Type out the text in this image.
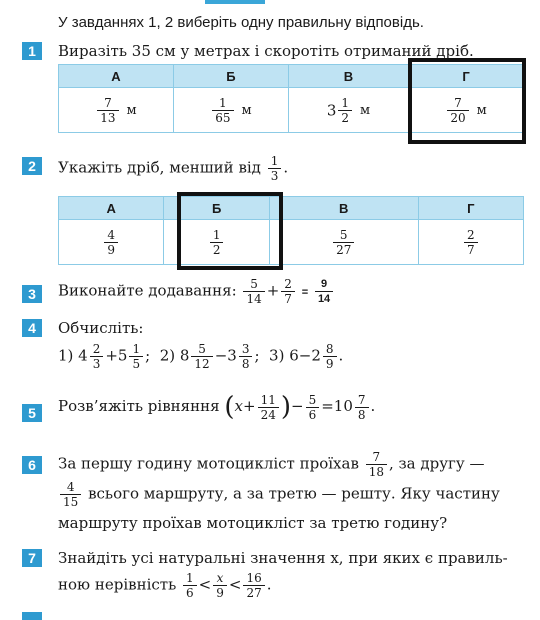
У завданнях 1, 2 виберіть одну правильну відповідь.
1	Виразіть 35 см у метрах і скоротіть отриманий дріб.
А	Б	В	Г

$\frac{7}{13}$ м	$\frac{1}{65}$ м	$3 \frac{1}{2}$ м	$\frac{7}{20}$ м
2	Укажіть дріб, менший від $\frac{1}{3}$ .
А	Б	В	Г

$\frac{4}{9}$	$\frac{1}{2}$	$\frac{5}{27}$	$\frac{2}{7}$
3	Виконайте додавання: $\frac{5}{14} + \frac{2}{7} = \frac{9}{14}$
4	Обчисліть:
1) $4 \frac{2}{3} +5 \frac{1}{5}$ ;  2) $8 \frac{5}{12} -3 \frac{3}{8}$ ;  3) $6-2 \frac{8}{9}$ .
5	Розв’яжіть рівняння ($x+ \frac{11}{24}$ )− $\frac{5}{6} =10 \frac{7}{8}$ .
6	За першу годину мотоцикліст проїхав $\frac{7}{18}$ , за другу —
$\frac{4}{15}$ всього маршруту, а за третю — решту. Яку частину
маршруту проїхав мотоцикліст за третю годину?
7	Знайдіть усі натуральні значення x, при яких є правиль-
ною нерівність $\frac{1}{6} < \frac{x}{9} < \frac{16}{27}$ .
